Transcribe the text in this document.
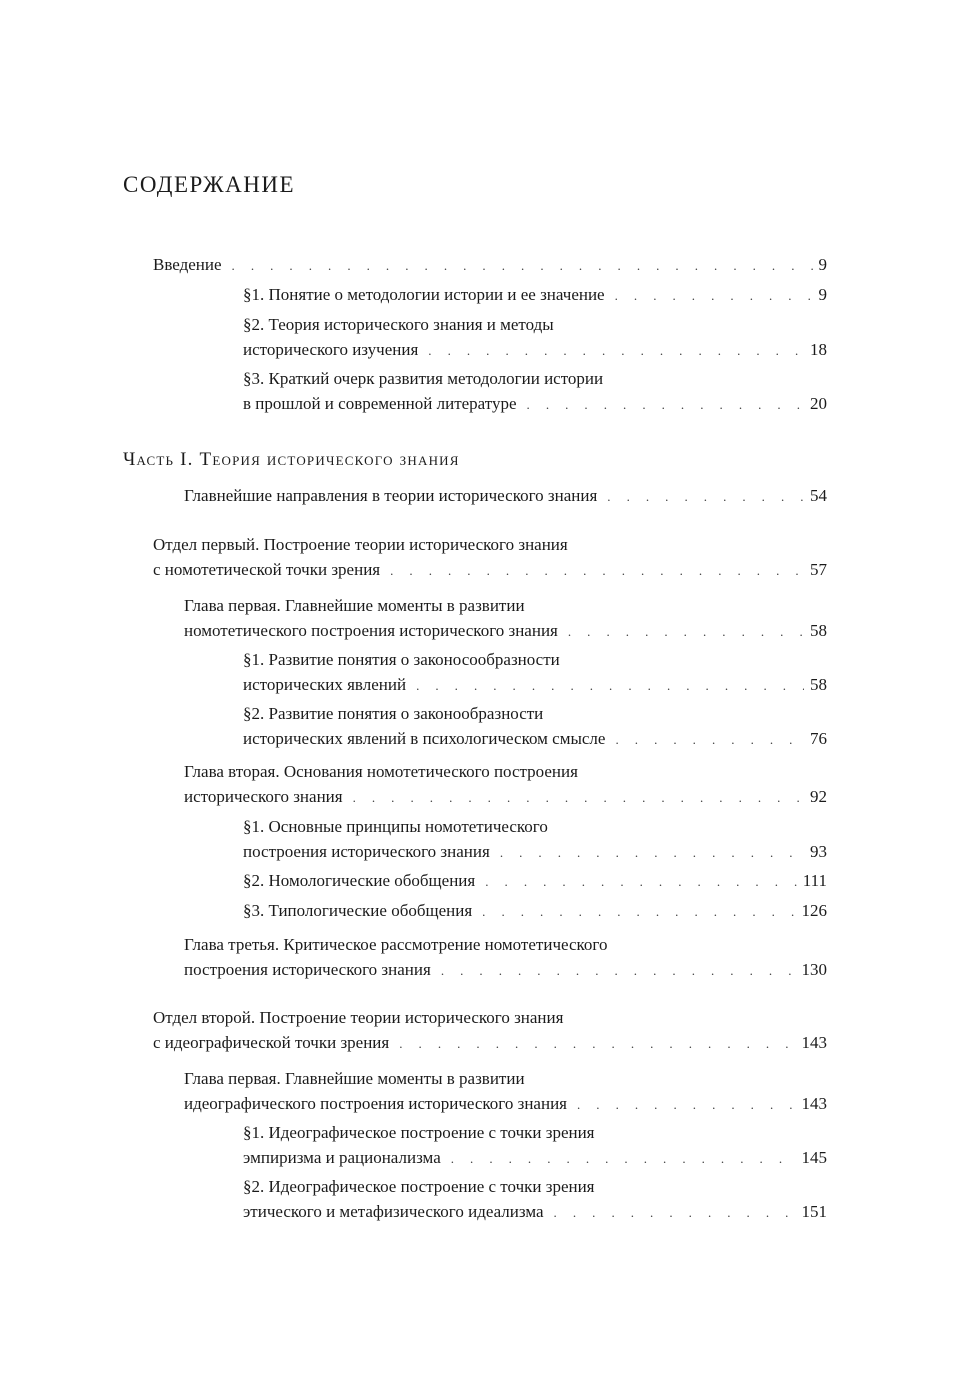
СОДЕРЖАНИЕ
Введение . . .	9
§1. Понятие о методологии истории и ее значение . . .	9
§2. Теория исторического знания и методы
исторического изучения . . .	18
§3. Краткий очерк развития методологии истории
в прошлой и современной литературе . . .	20
Часть I. Теория исторического знания
Главнейшие направления в теории исторического знания . . .	54
Отдел первый. Построение теории исторического знания
с номотетической точки зрения . . .	57
Глава первая. Главнейшие моменты в развитии
номотетического построения исторического знания . . .	58
§1. Развитие понятия о законосообразности
исторических явлений . . .	58
§2. Развитие понятия о законообразности
исторических явлений в психологическом смысле . . .	76
Глава вторая. Основания номотетического построения
исторического знания . . .	92
§1. Основные принципы номотетического
построения исторического знания . . .	93
§2. Номологические обобщения . . .	111
§3. Типологические обобщения . . .	126
Глава третья. Критическое рассмотрение номотетического
построения исторического знания . . .	130
Отдел второй. Построение теории исторического знания
с идеографической точки зрения . . .	143
Глава первая. Главнейшие моменты в развитии
идеографического построения исторического знания . . .	143
§1. Идеографическое построение с точки зрения
эмпиризма и рационализма . . .	145
§2. Идеографическое построение с точки зрения
этического и метафизического идеализма . . .	151
